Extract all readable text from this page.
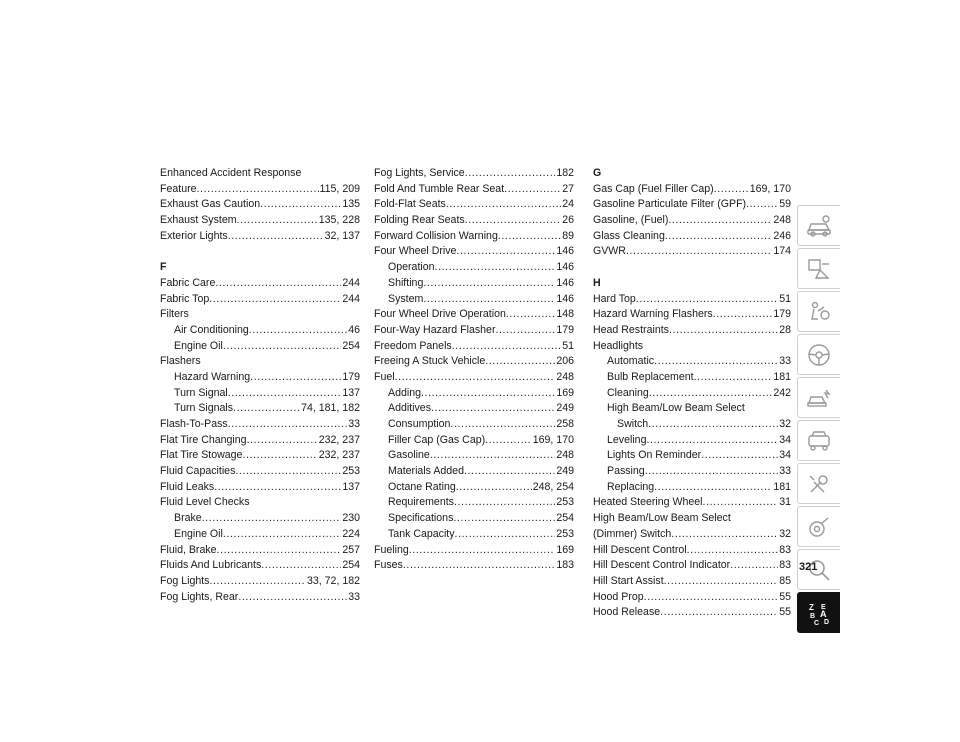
Enhanced Accident Response
Feature .....	115, 209
Exhaust Gas Caution .....	135
Exhaust System .....	135, 228
Exterior Lights .....	32, 137
F
Fabric Care .....	244
Fabric Top .....	244
Filters
Air Conditioning .....	46
Engine Oil .....	254
Flashers
Hazard Warning .....	179
Turn Signal .....	137
Turn Signals .....	74, 181, 182
Flash-To-Pass .....	33
Flat Tire Changing .....	232, 237
Flat Tire Stowage .....	232, 237
Fluid Capacities .....	253
Fluid Leaks .....	137
Fluid Level Checks
Brake .....	230
Engine Oil .....	224
Fluid, Brake .....	257
Fluids And Lubricants .....	254
Fog Lights .....	33, 72, 182
Fog Lights, Rear .....	33
Fog Lights, Service .....	182
Fold And Tumble Rear Seat .....	27
Fold-Flat Seats .....	24
Folding Rear Seats .....	26
Forward Collision Warning .....	89
Four Wheel Drive .....	146
Operation .....	146
Shifting .....	146
System .....	146
Four Wheel Drive Operation .....	148
Four-Way Hazard Flasher .....	179
Freedom Panels .....	51
Freeing A Stuck Vehicle .....	206
Fuel .....	248
Adding .....	169
Additives .....	249
Consumption .....	258
Filler Cap (Gas Cap) .....	169, 170
Gasoline .....	248
Materials Added .....	249
Octane Rating .....	248, 254
Requirements .....	253
Specifications .....	254
Tank Capacity .....	253
Fueling .....	169
Fuses .....	183
G
Gas Cap (Fuel Filler Cap) .....	169, 170
Gasoline Particulate Filter (GPF) .....	59
Gasoline, (Fuel) .....	248
Glass Cleaning .....	246
GVWR .....	174
H
Hard Top .....	51
Hazard Warning Flashers .....	179
Head Restraints .....	28
Headlights
Automatic .....	33
Bulb Replacement .....	181
Cleaning .....	242
High Beam/Low Beam Select
Switch .....	32
Leveling .....	34
Lights On Reminder .....	34
Passing .....	33
Replacing .....	181
Heated Steering Wheel .....	31
High Beam/Low Beam Select
(Dimmer) Switch .....	32
Hill Descent Control .....	83
Hill Descent Control Indicator .....	83
Hill Start Assist .....	85
Hood Prop .....	55
Hood Release .....	55 Z E
B A
C D
321
